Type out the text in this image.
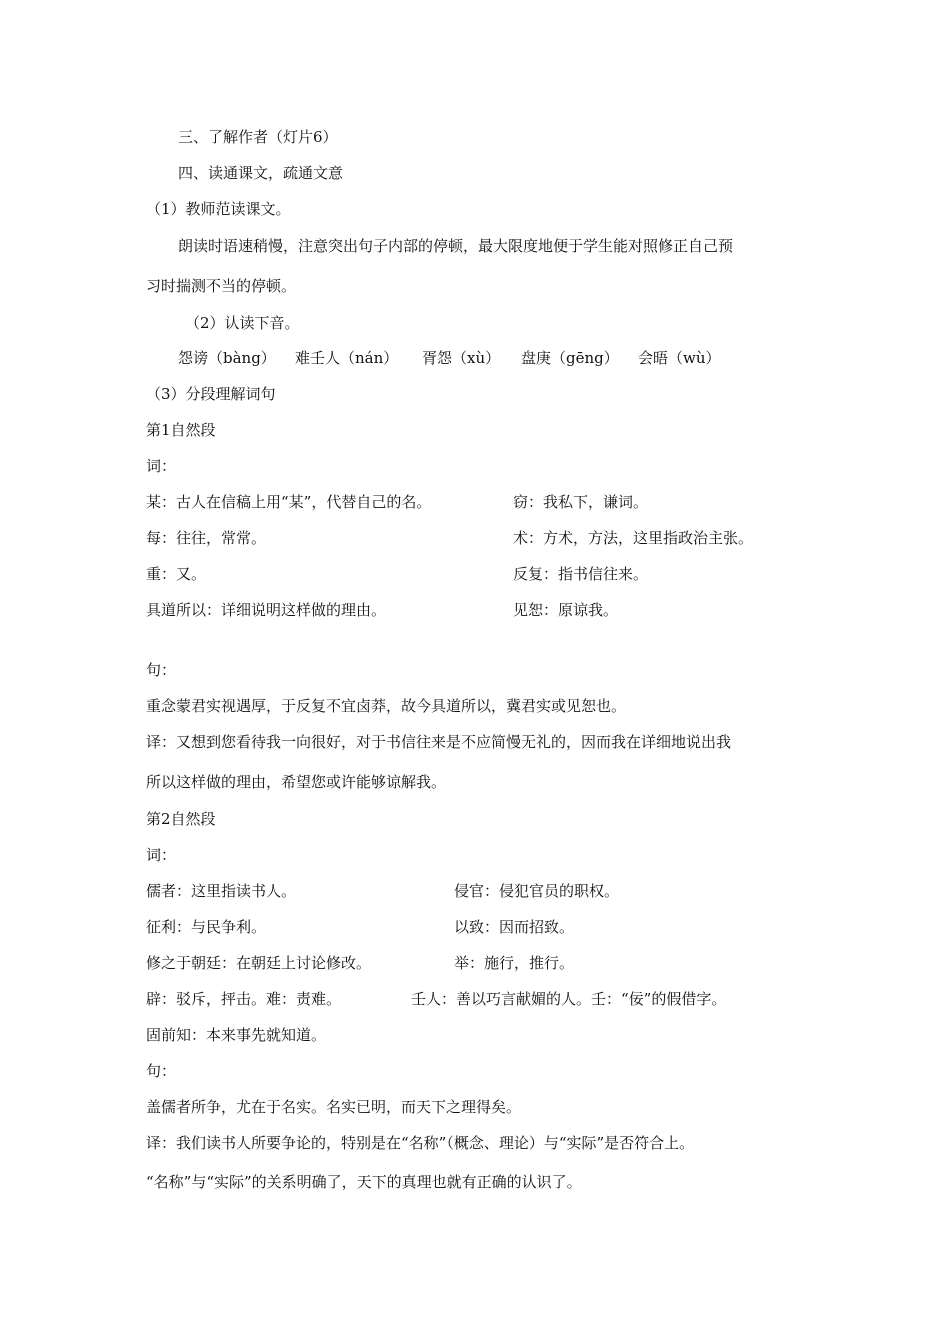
三、了解作者（灯片6）
四、读通课文，疏通文意
（1）教师范读课文。
朗读时语速稍慢，注意突出句子内部的停顿，最大限度地便于学生能对照修正自己预
习时揣测不当的停顿。
（2）认读下音。
怨谤（bàng） 难壬人（nán） 胥怨（xù） 盘庚（gēng） 会晤（wù）
（3）分段理解词句
第1自然段
词：
某：古人在信稿上用“某”，代替自己的名。	窃：我私下，谦词。
每：往往，常常。	术：方术，方法，这里指政治主张。
重：又。	反复：指书信往来。
具道所以：详细说明这样做的理由。	见恕：原谅我。
句：
重念蒙君实视遇厚，于反复不宜卤莽，故今具道所以，冀君实或见恕也。
译：又想到您看待我一向很好，对于书信往来是不应简慢无礼的，因而我在详细地说出我
所以这样做的理由，希望您或许能够谅解我。
第2自然段
词：
儒者：这里指读书人。	侵官：侵犯官员的职权。
征利：与民争利。	以致：因而招致。
修之于朝廷：在朝廷上讨论修改。	举：施行，推行。
辟：驳斥，抨击。难：责难。	壬人：善以巧言献媚的人。壬：“佞”的假借字。
固前知：本来事先就知道。
句：
盖儒者所争，尤在于名实。名实已明，而天下之理得矣。
译：我们读书人所要争论的，特别是在“名称”（概念、理论）与“实际”是否符合上。
“名称”与“实际”的关系明确了，天下的真理也就有正确的认识了。
